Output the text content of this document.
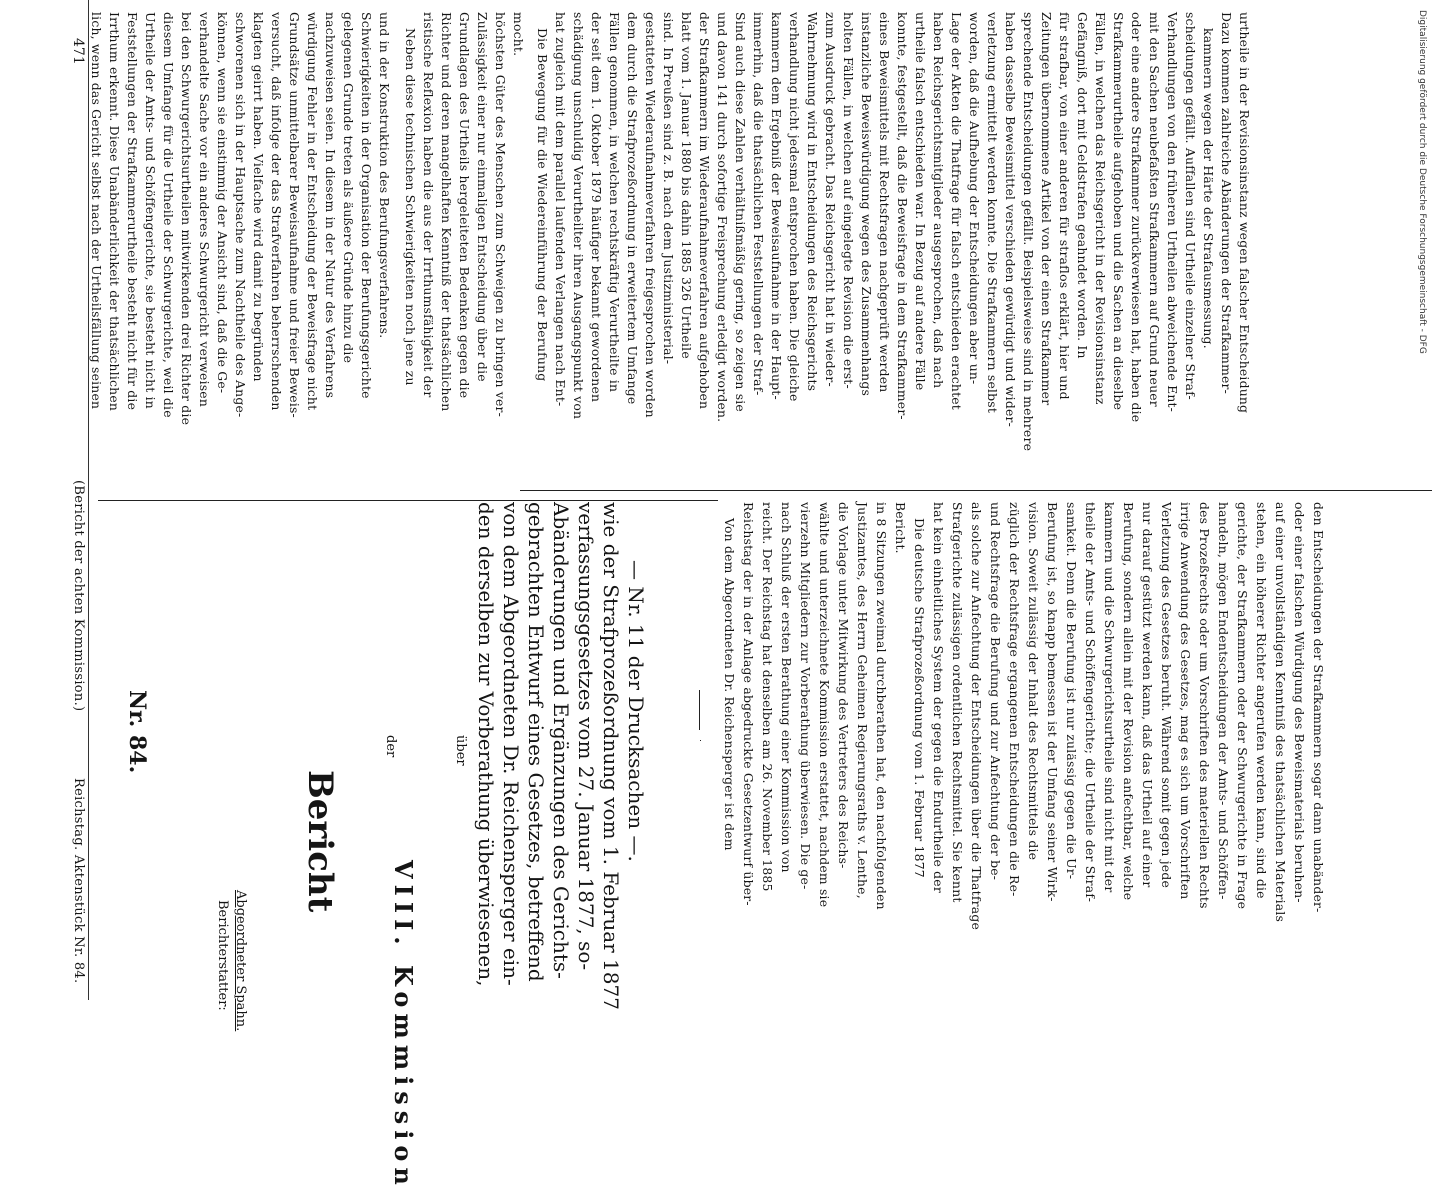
Digitalisierung gefördert durch die Deutsche Forschungsgemeinschaft - DFG
Reichstag. Aktenstück Nr. 84.
(Bericht der achten Kommission.)
471
Nr. 84.
Berichterstatter: Abgeordneter Spahn.
Bericht
der
VIII. Kommission
über den derselben zur Vorberathung überwiesenen, von dem Abgeordneten Dr. Reichensperger ein- gebrachten Entwurf eines Gesetzes, betreffend Abänderungen und Ergänzungen des Gerichts- verfassungsgesetzes vom 27. Januar 1877, so- wie der Strafprozeßordnung vom 1. Februar 1877 — Nr. 11 der Drucksachen —.	Von dem Abgeordneten Dr. Reichensperger ist dem Reichstag der in der Anlage abgedruckte Gesetzentwurf über- reicht. Der Reichstag hat denselben am 26. November 1885 nach Schluß der ersten Berathung einer Kommission von vierzehn Mitgliedern zur Vorberathung überwiesen. Die ge- wählte und unterzeichnete Kommission erstattet, nachdem sie die Vorlage unter Mitwirkung des Vertreters des Reichs- Justizamtes, des Herrn Geheimen Regierungsraths v. Lenthe, in 8 Sitzungen zweimal durchberathen hat, den nachfolgenden Bericht. Die deutsche Strafprozeßordnung vom 1. Februar 1877 hat kein einheitliches System der gegen die Endurtheile der Strafgerichte zulässigen ordentlichen Rechtsmittel. Sie kennt als solche zur Anfechtung der Entscheidungen über die Thatfrage und Rechtsfrage die Berufung und zur Anfechtung der be- züglich der Rechtsfrage ergangenen Entscheidungen die Re- vision. Soweit zulässig der Inhalt des Rechtsmittels die Berufung ist, so knapp bemessen ist der Umfang seiner Wirk- samkeit. Denn die Berufung ist nur zulässig gegen die Ur- theile der Amts- und Schöffengerichte; die Urtheile der Straf- kammern und die Schwurgerichtsurtheile sind nicht mit der Berufung, sondern allein mit der Revision anfechtbar, welche nur darauf gestützt werden kann, daß das Urtheil auf einer Verletzung des Gesetzes beruht. Während somit gegen jede irrige Anwendung des Gesetzes, mag es sich um Vorschriften des Prozeßrechts oder um Vorschriften des materiellen Rechts handeln, mögen Endentscheidungen der Amts- und Schöffen- gerichte, der Strafkammern oder der Schwurgerichte in Frage stehen, ein höherer Richter angerufen werden kann, sind die auf einer unvollständigen Kenntniß des thatsächlichen Materials oder einer falschen Würdigung des Beweismaterials beruhen- den Entscheidungen der Strafkammern sogar dann unabänder-
lich, wenn das Gericht selbst nach der Urtheilsfällung seinen Irrthum erkennt. Diese Unabänderlichkeit der thatsächlichen Feststellungen der Strafkammerurtheile besteht nicht für die Urtheile der Amts- und Schöffengerichte, sie besteht nicht in diesem Umfange für die Urtheile der Schwurgerichte, weil die bei den Schwurgerichtsurtheilen mitwirkenden drei Richter die verhandelte Sache vor ein anderes Schwurgericht verweisen können, wenn sie einstimmig der Ansicht sind, daß die Ge- schworenen sich in der Hauptsache zum Nachtheile des Ange- klagten geirrt haben. Vielfache wird damit zu begründen versucht, daß infolge der das Strafverfahren beherrschenden Grundsätze unmittelbarer Beweisaufnahme und freier Beweis- würdigung Fehler in der Entscheidung der Beweisfrage nicht nachzuweisen seien. In diesem in der Natur des Verfahrens gelegenen Grunde treten als äußere Gründe hinzu die Schwierigkeiten in der Organisation der Berufungsgerichte und in der Konstruktion des Berufungsverfahrens. Neben diese technischen Schwierigkeiten noch jene zu ristische Reflexion haben die aus der Irrthumsfähigkeit der Richter und deren mangelhaften Kenntniß der thatsächlichen Grundlagen des Urtheils hergeleiteten Bedenken gegen die Zulässigkeit einer nur einmaligen Entscheidung über die höchsten Güter des Menschen zum Schweigen zu bringen ver- mocht. Die Bewegung für die Wiedereinführung der Berufung hat zugleich mit dem parallel laufenden Verlangen nach Ent- schädigung unschuldig Verurtheilter ihren Ausgangspunkt von der seit dem 1. Oktober 1879 häufiger bekannt gewordenen Fällen genommen, in welchen rechtskräftig Verurtheilte in dem durch die Strafprozeßordnung in erweitertem Umfange gestatteten Wiederaufnahmeverfahren freigesprochen worden sind. In Preußen sind z. B. nach dem Justizministerial- blatt vom 1. Januar 1880 bis dahin 1885 326 Urtheile der Strafkammern im Wiederaufnahmeverfahren aufgehoben und davon 141 durch sofortige Freisprechung erledigt worden. Sind auch diese Zahlen verhältnißmäßig gering, so zeigen sie immerhin, daß die thatsächlichen Feststellungen der Straf- kammern dem Ergebniß der Beweisaufnahme in der Haupt- verhandlung nicht jedesmal entsprochen haben. Die gleiche Wahrnehmung wird in Entscheidungen des Reichsgerichts zum Ausdruck gebracht. Das Reichsgericht hat in wieder- holten Fällen, in welchen auf eingelegte Revision die erst- instanzliche Beweiswürdigung wegen des Zusammenhangs eines Beweismittels mit Rechtsfragen nachgeprüft werden konnte, festgestellt, daß die Beweisfrage in dem Strafkammer- urtheile falsch entschieden war. In Bezug auf andere Fälle haben Reichsgerichtsmitglieder ausgesprochen, daß nach Lage der Akten die Thatfrage für falsch entschieden erachtet worden, daß die Aufhebung der Entscheidungen aber un- verletzung ermittelt werden konnte. Die Strafkammern selbst haben dasselbe Beweismittel verschieden gewürdigt und wider- sprechende Entscheidungen gefällt. Beispielsweise sind in mehrere Zeitungen übernommene Artikel von der einen Strafkammer für strafbar, von einer anderen für straflos erklärt, hier und Gefängniß, dort mit Geldstrafen geahndet worden. In Fällen, in welchen das Reichsgericht in der Revisionsinstanz Strafkammerurtheile aufgehoben und die Sachen an dieselbe oder eine andere Strafkammer zurückverwiesen hat, haben die mit den Sachen neubefaßten Strafkammern auf Grund neuer Verhandlungen von den früheren Urtheilen abweichende Ent- scheidungen gefällt. Auffallen sind Urtheile einzelner Straf- kammern wegen der Härte der Strafausmessung. Dazu kommen zahlreiche Abänderungen der Strafkammer- urtheile in der Revisionsinstanz wegen falscher Entscheidung
